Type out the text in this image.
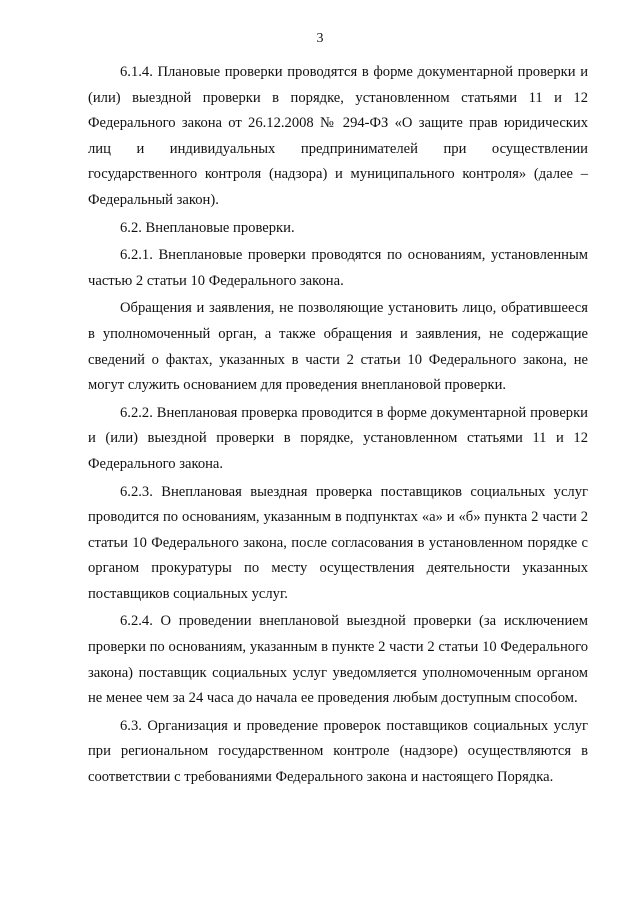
3

6.1.4. Плановые проверки проводятся в форме документарной проверки и (или) выездной проверки в порядке, установленном статьями 11 и 12 Федерального закона от 26.12.2008 № 294-ФЗ «О защите прав юридических лиц и индивидуальных предпринимателей при осуществлении государственного контроля (надзора) и муниципального контроля» (далее – Федеральный закон).

6.2. Внеплановые проверки.

6.2.1. Внеплановые проверки проводятся по основаниям, установленным частью 2 статьи 10 Федерального закона.

Обращения и заявления, не позволяющие установить лицо, обратившееся в уполномоченный орган, а также обращения и заявления, не содержащие сведений о фактах, указанных в части 2 статьи 10 Федерального закона, не могут служить основанием для проведения внеплановой проверки.

6.2.2. Внеплановая проверка проводится в форме документарной проверки и (или) выездной проверки в порядке, установленном статьями 11 и 12 Федерального закона.

6.2.3. Внеплановая выездная проверка поставщиков социальных услуг проводится по основаниям, указанным в подпунктах «а» и «б» пункта 2 части 2 статьи 10 Федерального закона, после согласования в установленном порядке с органом прокуратуры по месту осуществления деятельности указанных поставщиков социальных услуг.

6.2.4. О проведении внеплановой выездной проверки (за исключением проверки по основаниям, указанным в пункте 2 части 2 статьи 10 Федерального закона) поставщик социальных услуг уведомляется уполномоченным органом не менее чем за 24 часа до начала ее проведения любым доступным способом.

6.3. Организация и проведение проверок поставщиков социальных услуг при региональном государственном контроле (надзоре) осуществляются в соответствии с требованиями Федерального закона и настоящего Порядка.
